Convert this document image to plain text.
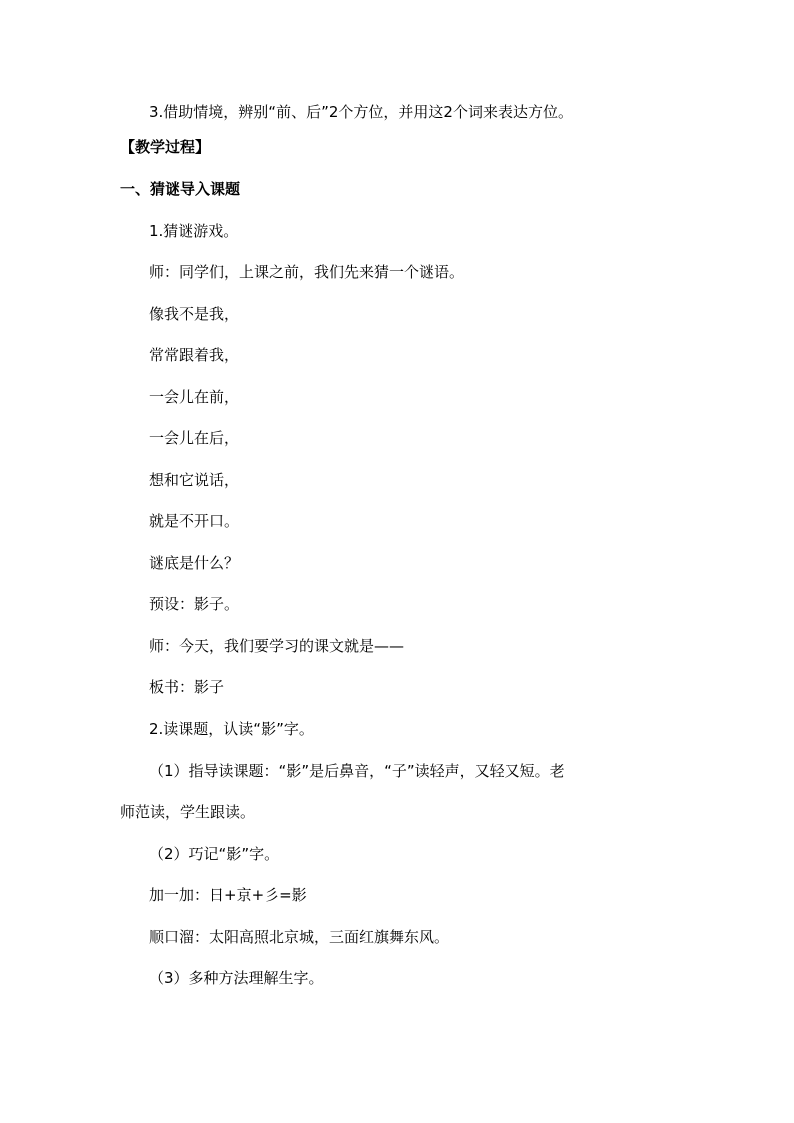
3.借助情境，辨别“前、后”2个方位，并用这2个词来表达方位。
【教学过程】
一、猜谜导入课题
1.猜谜游戏。
师：同学们，上课之前，我们先来猜一个谜语。
像我不是我，
常常跟着我，
一会儿在前，
一会儿在后，
想和它说话，
就是不开口。
谜底是什么？
预设：影子。
师：今天，我们要学习的课文就是——
板书：影子
2.读课题，认读“影”字。
（1）指导读课题：“影”是后鼻音，“子”读轻声，又轻又短。老
师范读，学生跟读。
（2）巧记“影”字。
加一加：日+京+彡=影
顺口溜：太阳高照北京城，三面红旗舞东风。
（3）多种方法理解生字。
